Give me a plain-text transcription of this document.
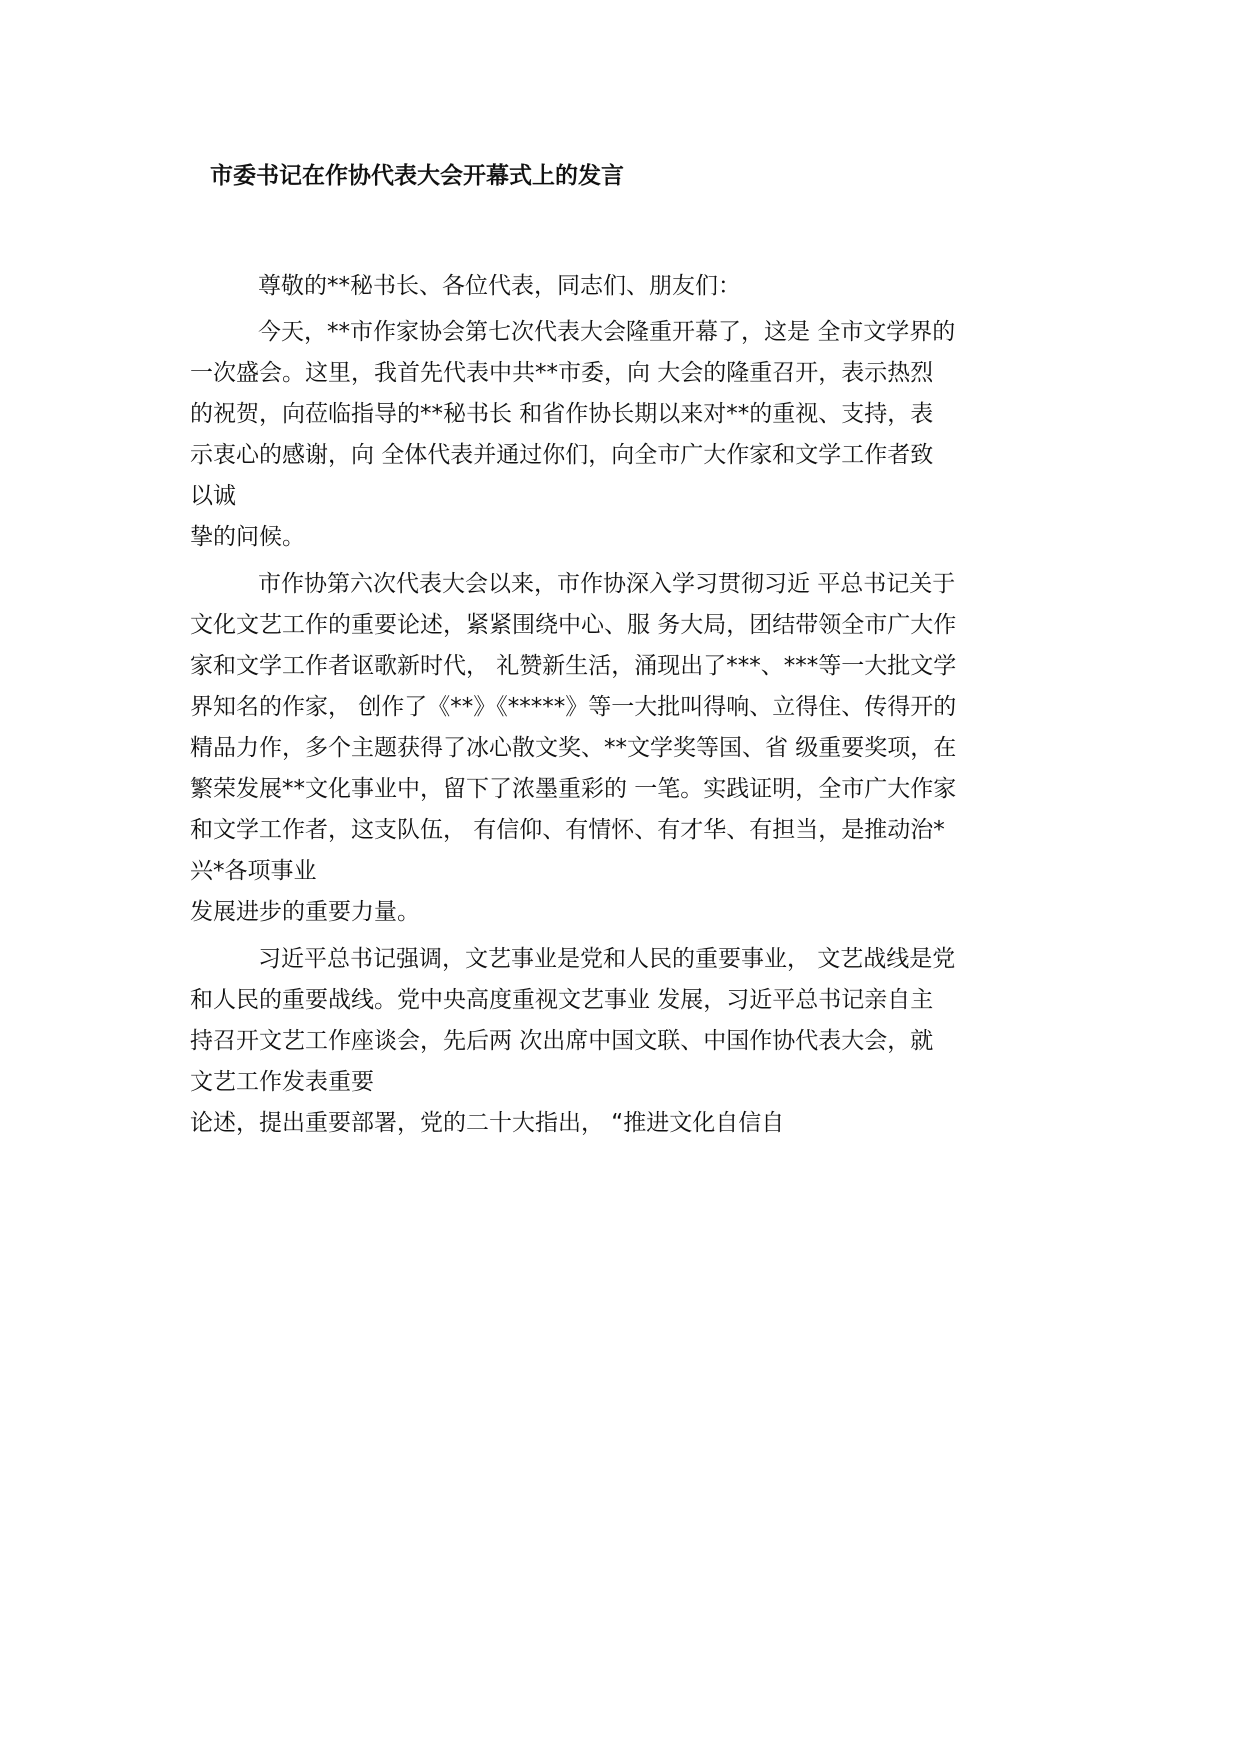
市委书记在作协代表大会开幕式上的发言
尊敬的**秘书长、各位代表，同志们、朋友们：
今天，**市作家协会第七次代表大会隆重开幕了，这是 全市文学界的
一次盛会。这里，我首先代表中共**市委，向 大会的隆重召开，表示热烈
的祝贺，向莅临指导的**秘书长 和省作协长期以来对**的重视、支持，表
示衷心的感谢，向 全体代表并通过你们，向全市广大作家和文学工作者致
以诚
挚的问候。
市作协第六次代表大会以来，市作协深入学习贯彻习近 平总书记关于
文化文艺工作的重要论述，紧紧围绕中心、服 务大局，团结带领全市广大作
家和文学工作者讴歌新时代， 礼赞新生活，涌现出了***、***等一大批文学
界知名的作家， 创作了《**》《*****》等一大批叫得响、立得住、传得开的
精品力作，多个主题获得了冰心散文奖、**文学奖等国、省 级重要奖项，在
繁荣发展**文化事业中，留下了浓墨重彩的 一笔。实践证明，全市广大作家
和文学工作者，这支队伍， 有信仰、有情怀、有才华、有担当，是推动治*
兴*各项事业
发展进步的重要力量。
习近平总书记强调，文艺事业是党和人民的重要事业， 文艺战线是党
和人民的重要战线。党中央高度重视文艺事业 发展，习近平总书记亲自主
持召开文艺工作座谈会，先后两 次出席中国文联、中国作协代表大会，就
文艺工作发表重要
论述，提出重要部署，党的二十大指出， “推进文化自信自
